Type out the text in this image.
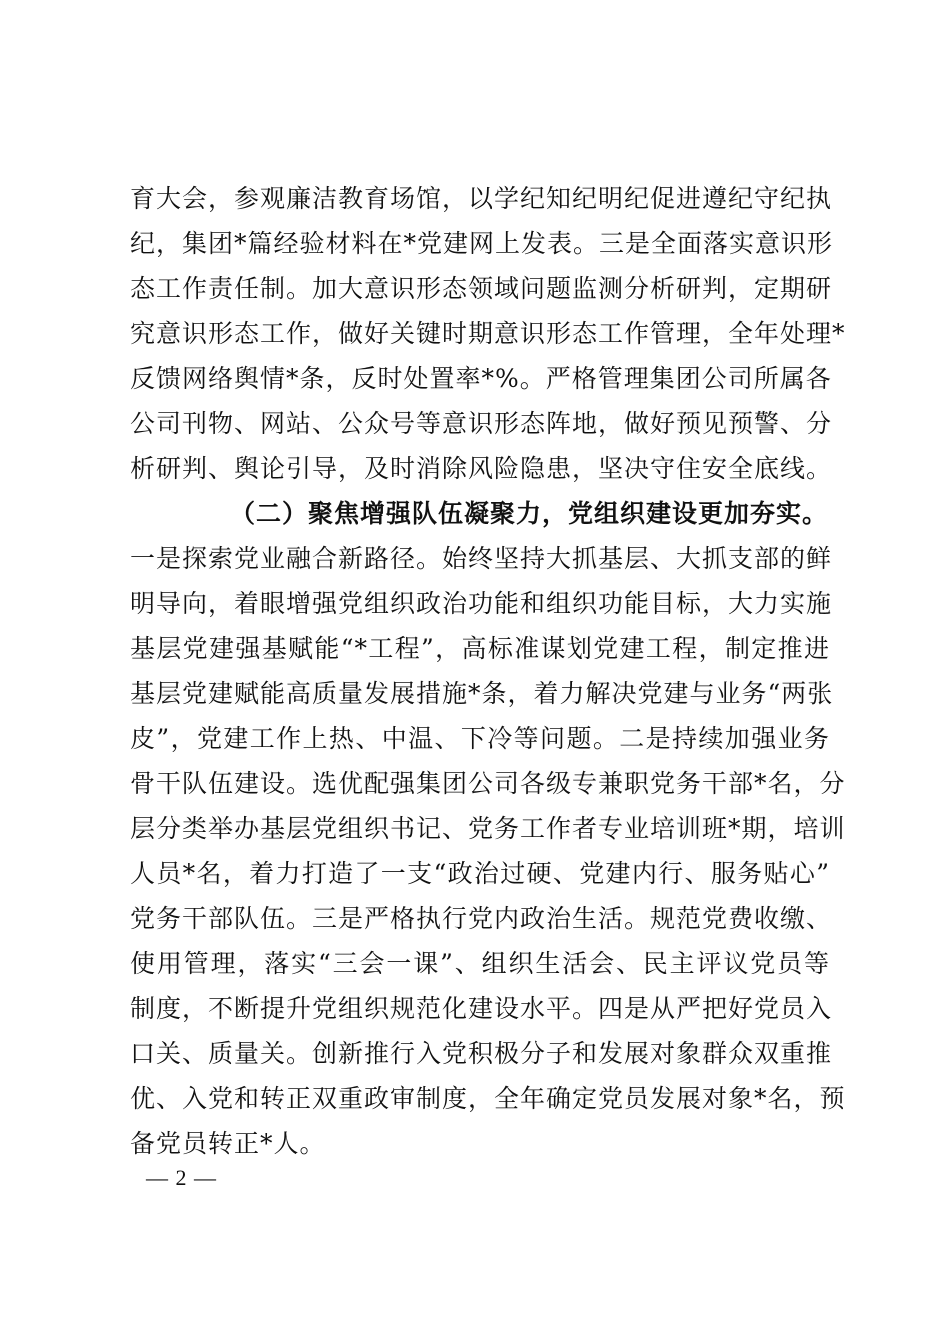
育大会，参观廉洁教育场馆，以学纪知纪明纪促进遵纪守纪执
纪，集团*篇经验材料在*党建网上发表。三是全面落实意识形
态工作责任制。加大意识形态领域问题监测分析研判，定期研
究意识形态工作，做好关键时期意识形态工作管理，全年处理*
反馈网络舆情*条，反时处置率*%。严格管理集团公司所属各
公司刊物、网站、公众号等意识形态阵地，做好预见预警、分
析研判、舆论引导，及时消除风险隐患，坚决守住安全底线。
（二）聚焦增强队伍凝聚力，党组织建设更加夯实。
一是探索党业融合新路径。始终坚持大抓基层、大抓支部的鲜
明导向，着眼增强党组织政治功能和组织功能目标，大力实施
基层党建强基赋能“*工程”，高标准谋划党建工程，制定推进
基层党建赋能高质量发展措施*条，着力解决党建与业务“两张
皮”，党建工作上热、中温、下冷等问题。二是持续加强业务
骨干队伍建设。选优配强集团公司各级专兼职党务干部*名，分
层分类举办基层党组织书记、党务工作者专业培训班*期，培训
人员*名，着力打造了一支“政治过硬、党建内行、服务贴心”
党务干部队伍。三是严格执行党内政治生活。规范党费收缴、
使用管理，落实“三会一课”、组织生活会、民主评议党员等
制度，不断提升党组织规范化建设水平。四是从严把好党员入
口关、质量关。创新推行入党积极分子和发展对象群众双重推
优、入党和转正双重政审制度，全年确定党员发展对象*名，预
备党员转正*人。
— 2 —
